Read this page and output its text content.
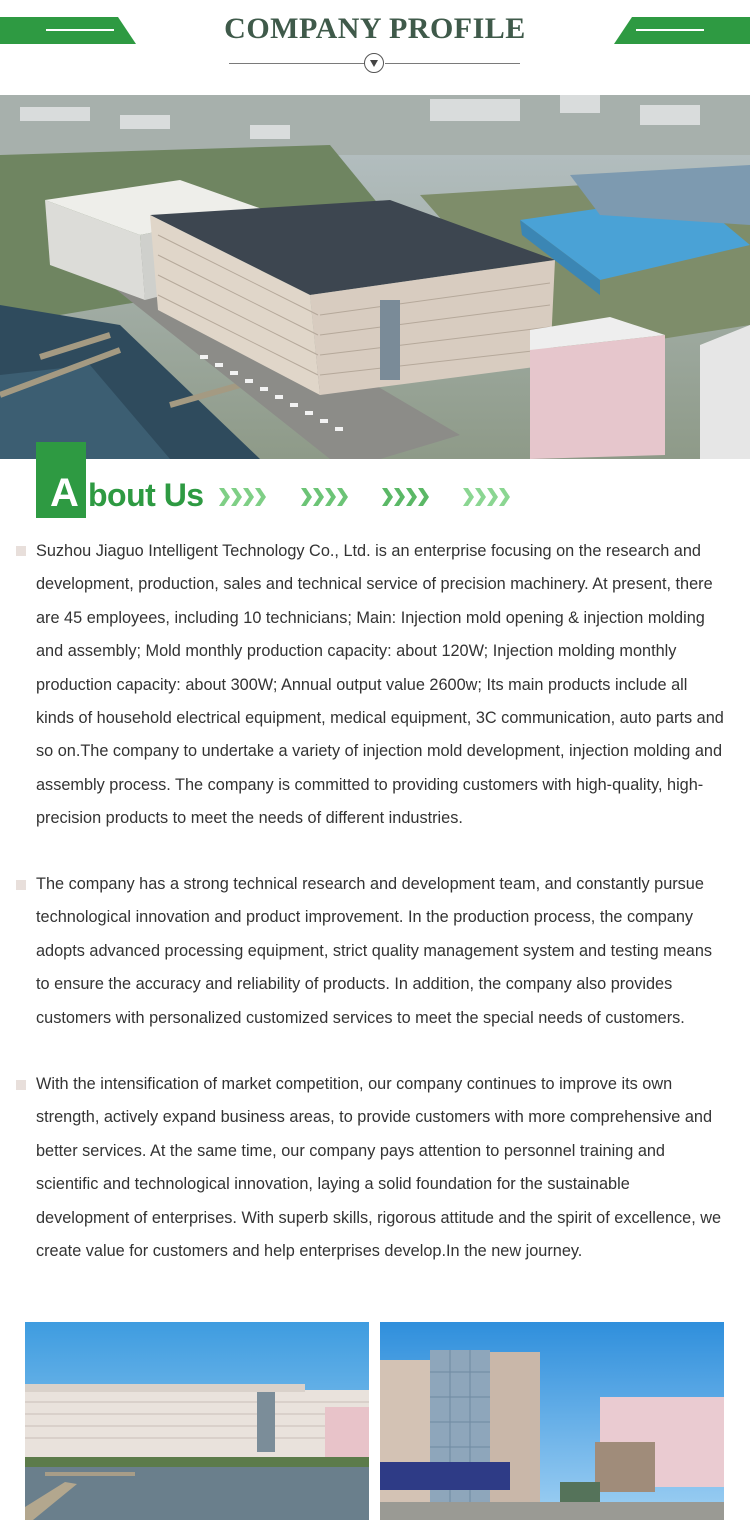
COMPANY PROFILE
A bout Us

Suzhou Jiaguo Intelligent Technology Co., Ltd. is an enterprise focusing on the research and development, production, sales and technical service of precision machinery. At present, there are 45 employees, including 10 technicians; Main: Injection mold opening & injection molding and assembly; Mold monthly production capacity: about 120W; Injection molding monthly production capacity: about 300W; Annual output value 2600w; Its main products include all kinds of household electrical equipment, medical equipment, 3C communication, auto parts and so on.The company to undertake a variety of injection mold development, injection molding and assembly process. The company is committed to providing customers with high-quality, high-precision products to meet the needs of different industries.

The company has a strong technical research and development team, and constantly pursue technological innovation and product improvement. In the production process, the company adopts advanced processing equipment, strict quality management system and testing means to ensure the accuracy and reliability of products. In addition, the company also provides customers with personalized customized services to meet the special needs of customers.

With the intensification of market competition, our company continues to improve its own strength, actively expand business areas, to provide customers with more comprehensive and better services. At the same time, our company pays attention to personnel training and scientific and technological innovation, laying a solid foundation for the sustainable development of enterprises. With superb skills, rigorous attitude and the spirit of excellence, we create value for customers and help enterprises develop.In the new journey.
